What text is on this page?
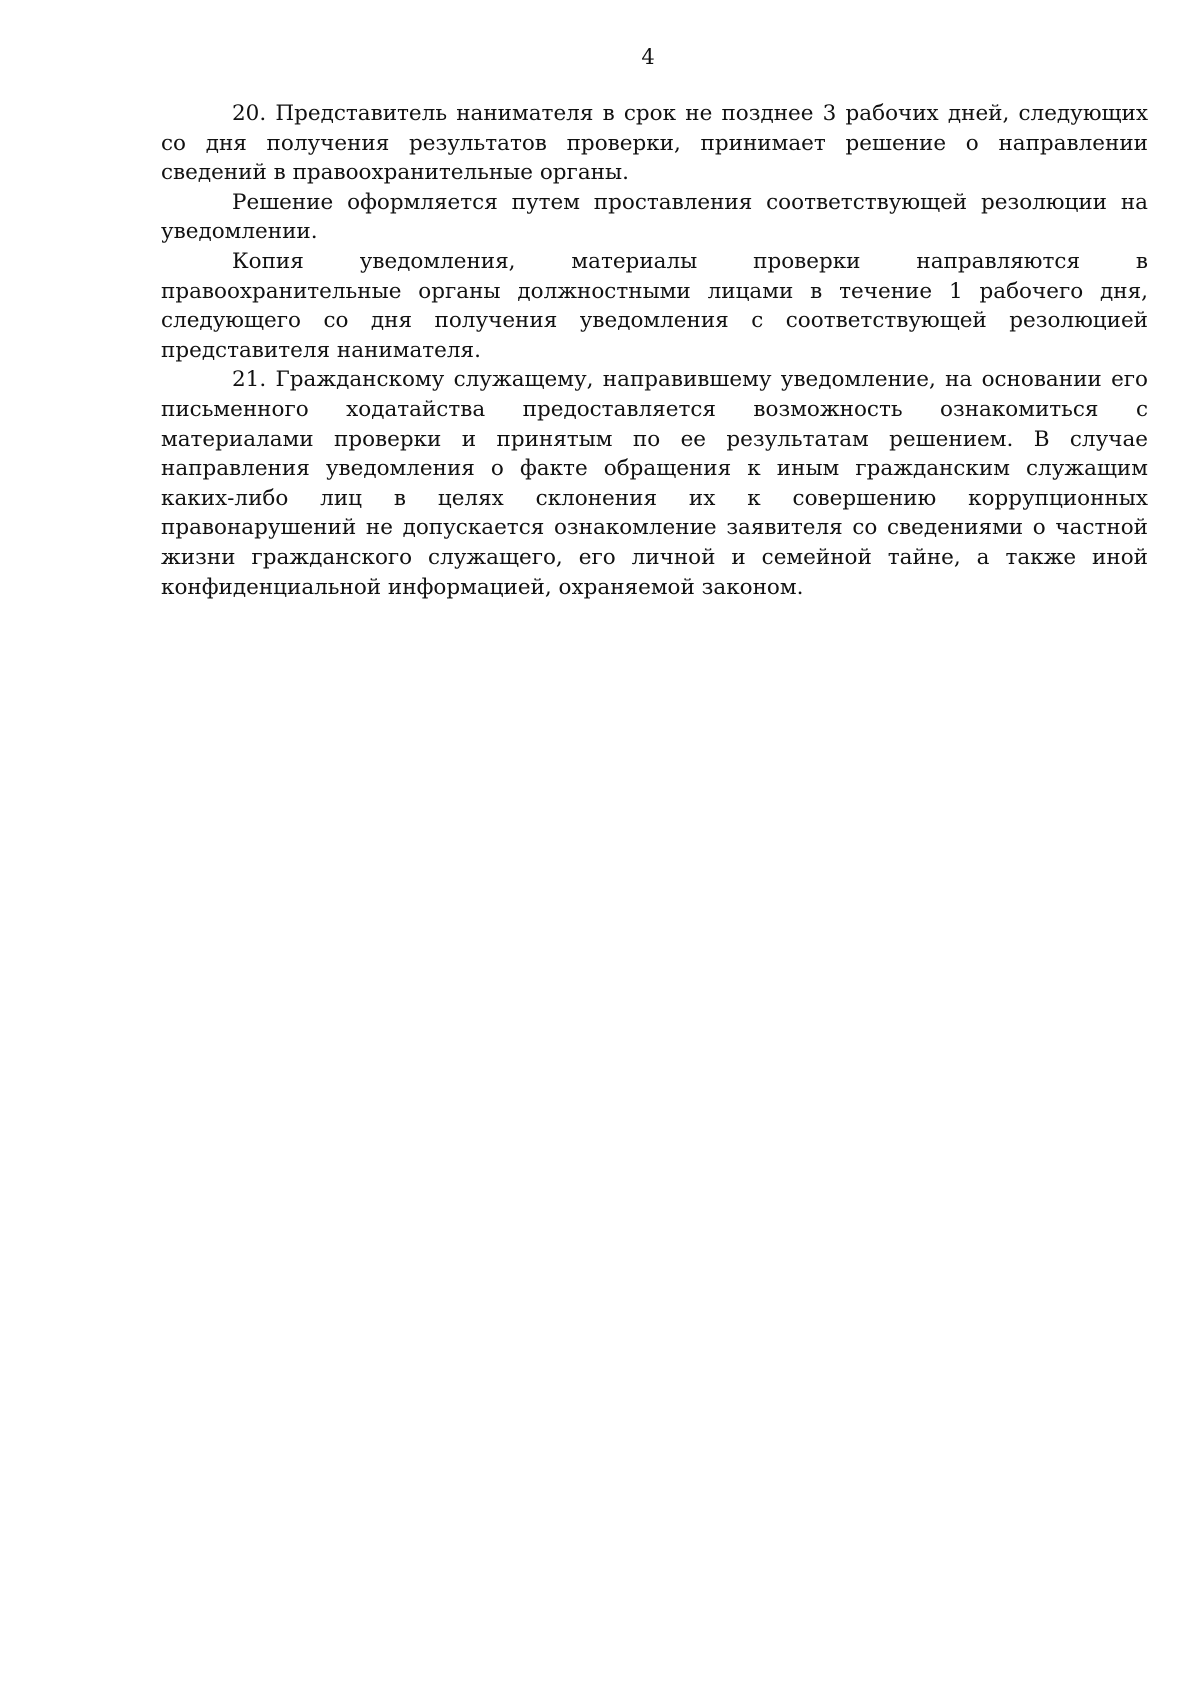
4

20. Представитель нанимателя в срок не позднее 3 рабочих дней, следующих со дня получения результатов проверки, принимает решение о направлении сведений в правоохранительные органы.

Решение оформляется путем проставления соответствующей резолюции на уведомлении.

Копия уведомления, материалы проверки направляются в правоохранительные органы должностными лицами в течение 1 рабочего дня, следующего со дня получения уведомления с соответствующей резолюцией представителя нанимателя.

21. Гражданскому служащему, направившему уведомление, на основании его письменного ходатайства предоставляется возможность ознакомиться с материалами проверки и принятым по ее результатам решением. В случае направления уведомления о факте обращения к иным гражданским служащим каких-либо лиц в целях склонения их к совершению коррупционных правонарушений не допускается ознакомление заявителя со сведениями о частной жизни гражданского служащего, его личной и семейной тайне, а также иной конфиденциальной информацией, охраняемой законом.
